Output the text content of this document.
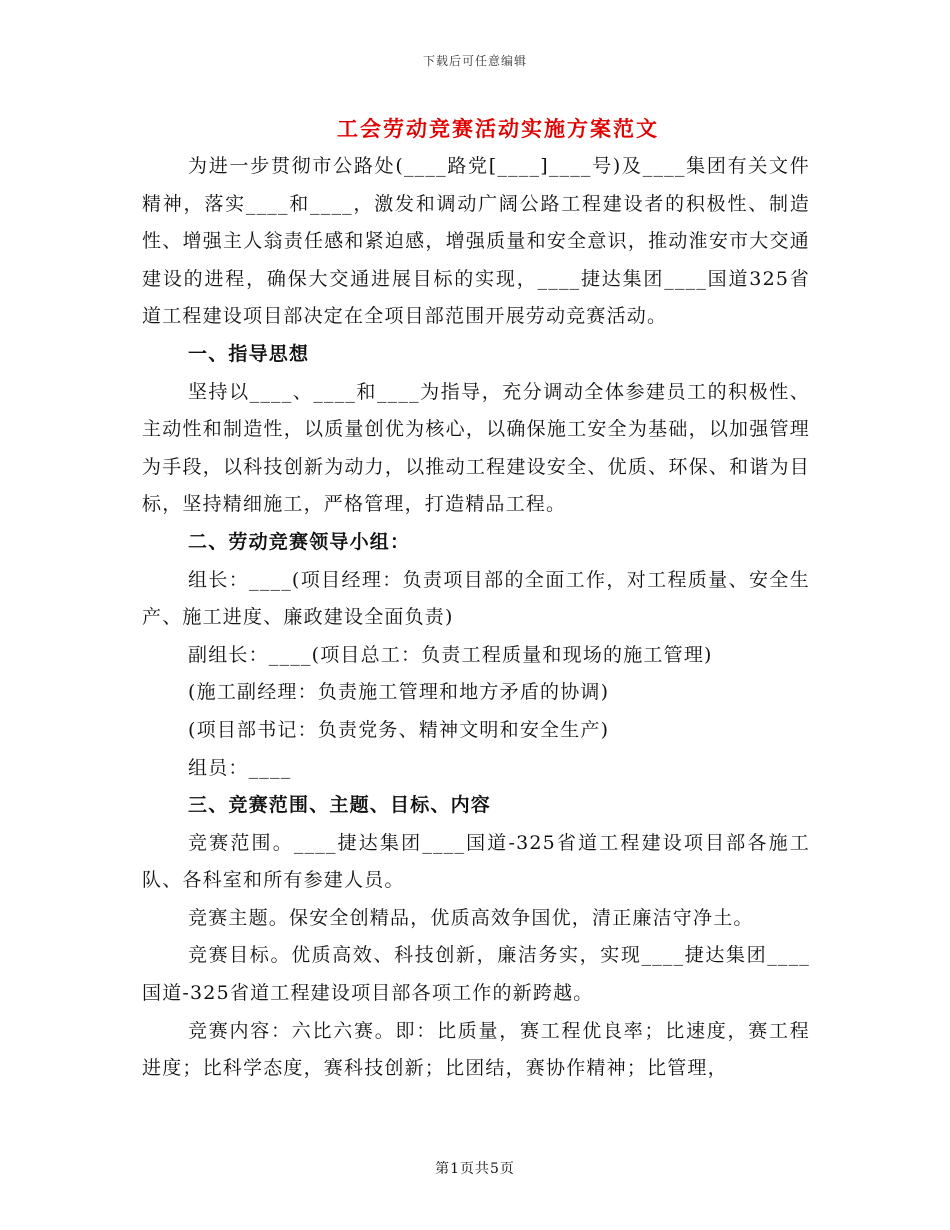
下载后可任意编辑
工会劳动竞赛活动实施方案范文

为进一步贯彻市公路处(____路党[____]____号)及____集团有关文件精神，落实____和____，激发和调动广阔公路工程建设者的积极性、制造性、增强主人翁责任感和紧迫感，增强质量和安全意识，推动淮安市大交通建设的进程，确保大交通进展目标的实现，____捷达集团____国道325省道工程建设项目部决定在全项目部范围开展劳动竞赛活动。

一、指导思想

坚持以____、____和____为指导，充分调动全体参建员工的积极性、主动性和制造性，以质量创优为核心，以确保施工安全为基础，以加强管理为手段，以科技创新为动力，以推动工程建设安全、优质、环保、和谐为目标，坚持精细施工，严格管理，打造精品工程。

二、劳动竞赛领导小组：

组长：____(项目经理：负责项目部的全面工作，对工程质量、安全生产、施工进度、廉政建设全面负责)

副组长：____(项目总工：负责工程质量和现场的施工管理)

(施工副经理：负责施工管理和地方矛盾的协调)

(项目部书记：负责党务、精神文明和安全生产)

组员：____

三、竞赛范围、主题、目标、内容

竞赛范围。____捷达集团____国道-325省道工程建设项目部各施工队、各科室和所有参建人员。

竞赛主题。保安全创精品，优质高效争国优，清正廉洁守净土。

竞赛目标。优质高效、科技创新，廉洁务实，实现____捷达集团____国道-325省道工程建设项目部各项工作的新跨越。

竞赛内容：六比六赛。即：比质量，赛工程优良率；比速度，赛工程进度；比科学态度，赛科技创新；比团结，赛协作精神；比管理，

第1页共5页
